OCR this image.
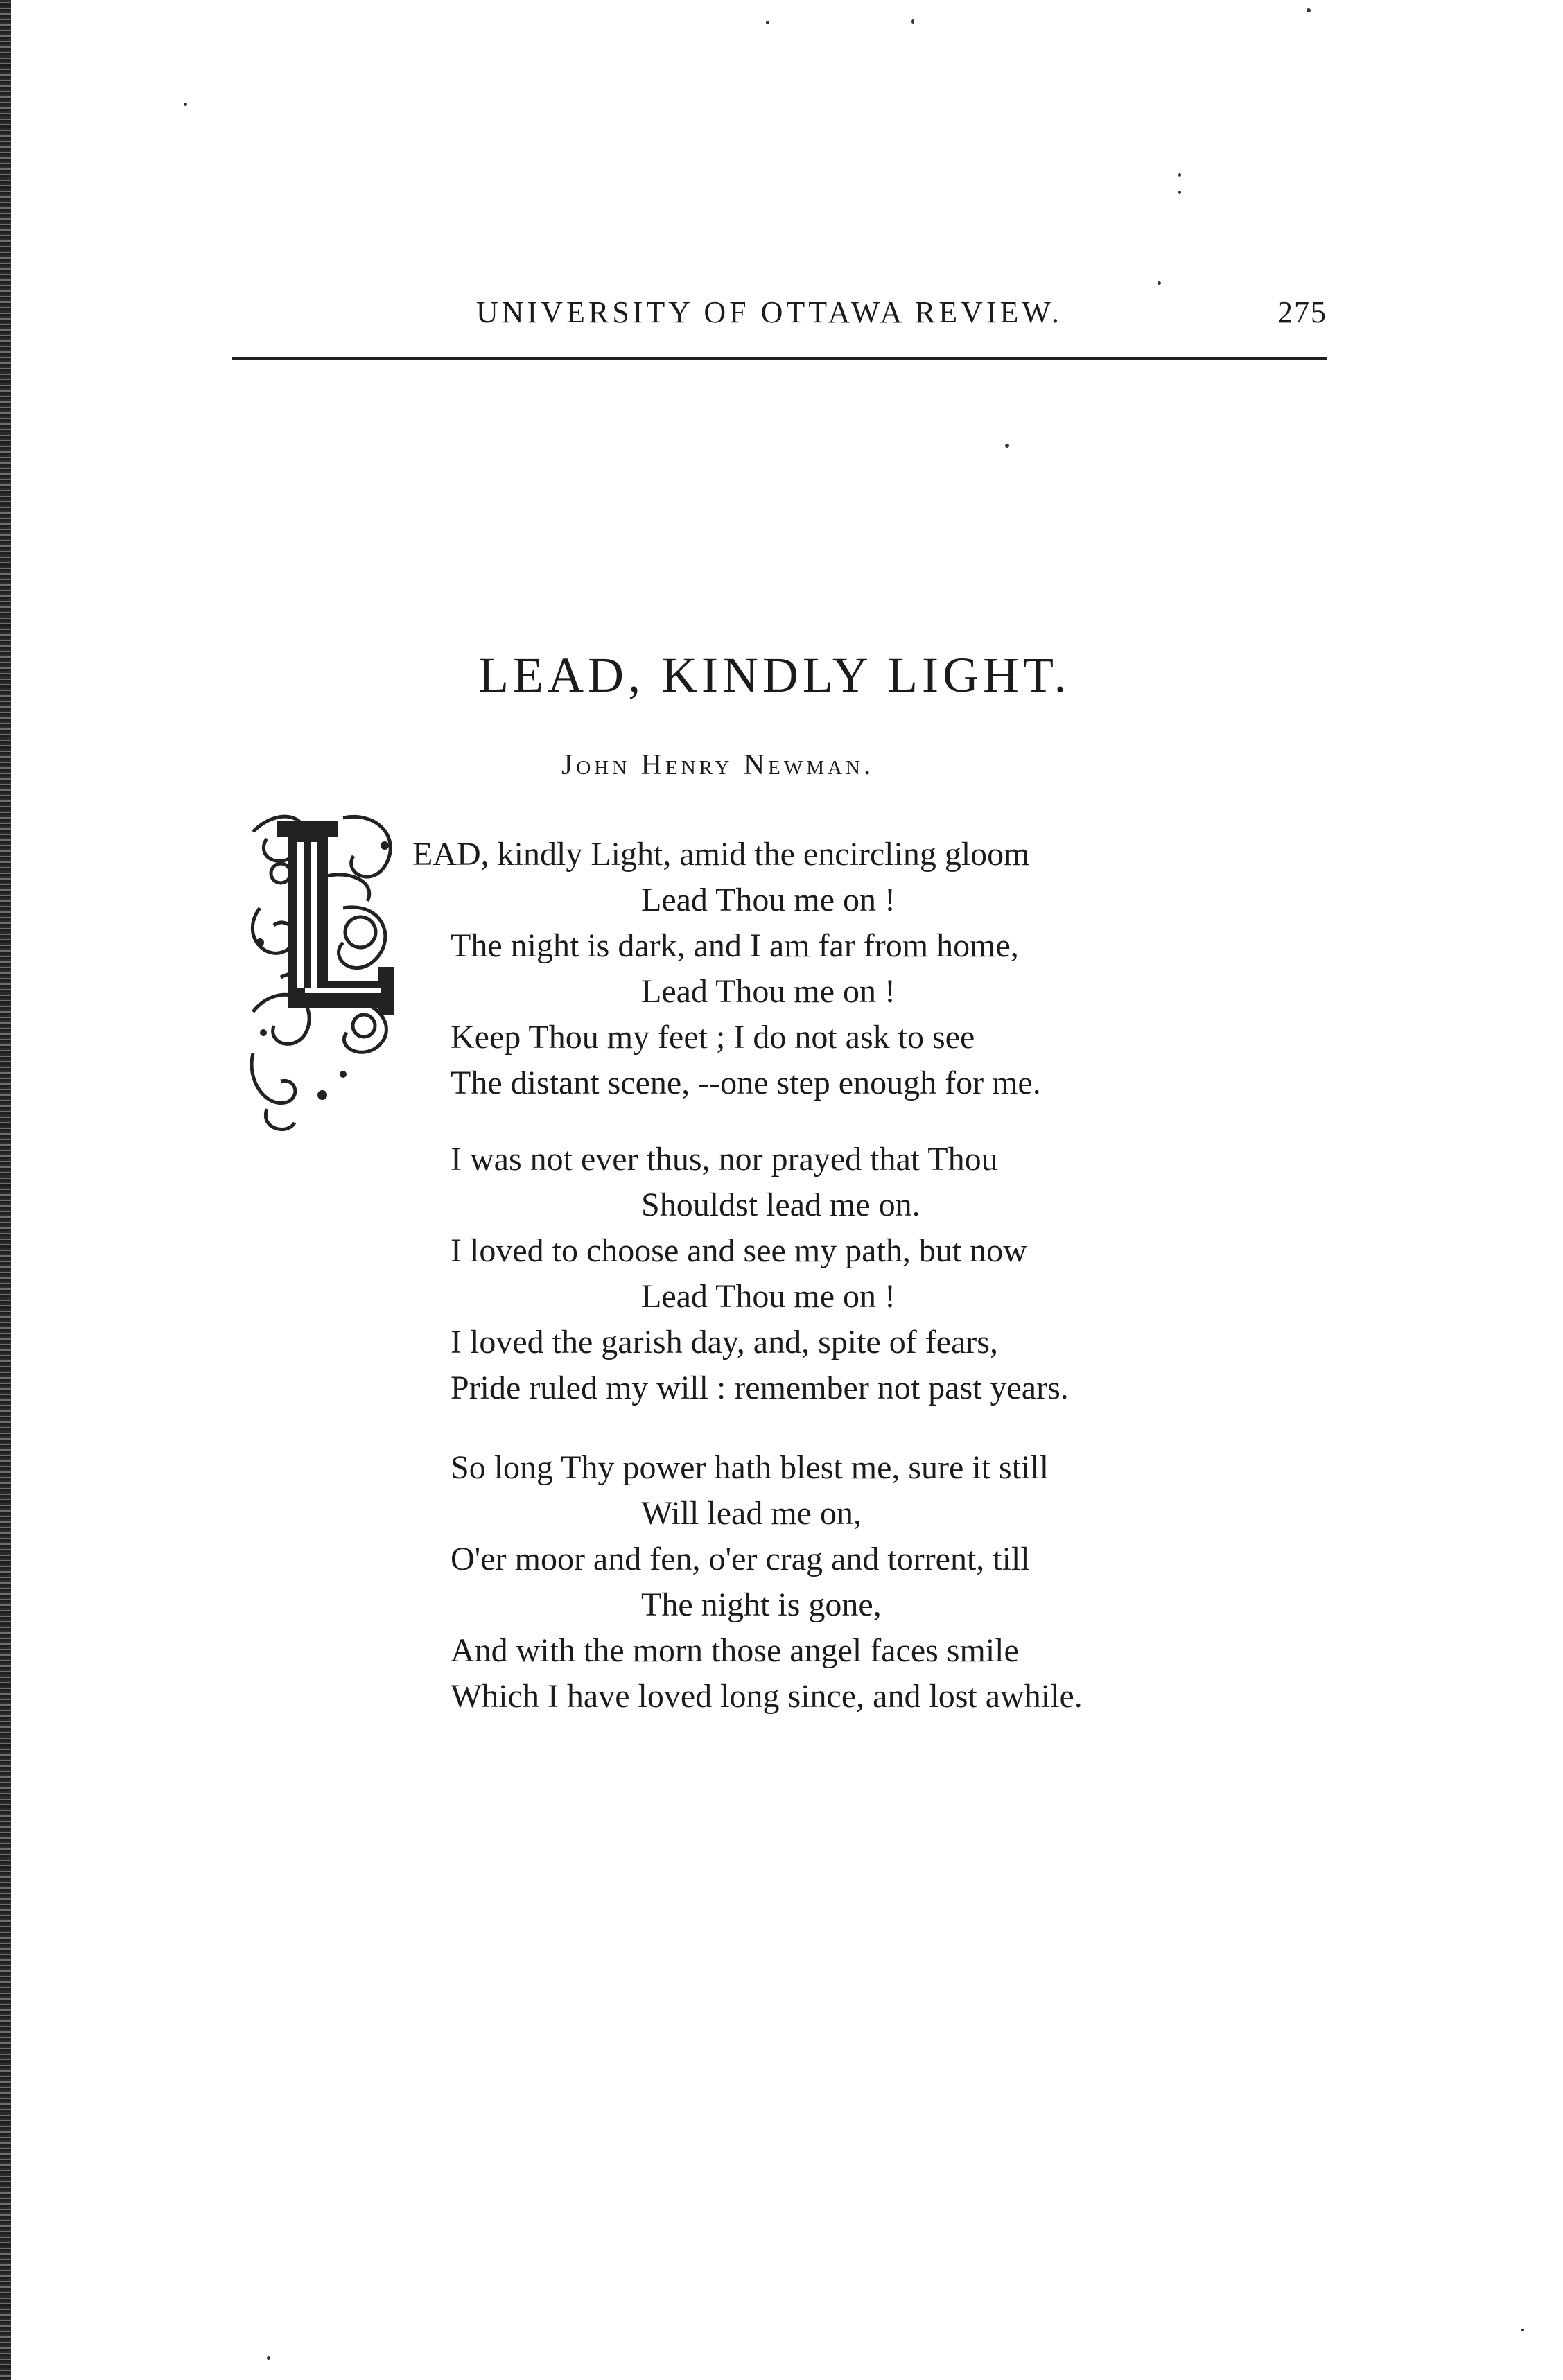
UNIVERSITY OF OTTAWA REVIEW.	275
LEAD, KINDLY LIGHT.
John Henry Newman.
EAD, kindly Light, amid the encircling gloom
Lead Thou me on !
The night is dark, and I am far from home,
Lead Thou me on !
Keep Thou my feet ; I do not ask to see
The distant scene, --one step enough for me.
I was not ever thus, nor prayed that Thou
Shouldst lead me on.
I loved to choose and see my path, but now
Lead Thou me on !
I loved the garish day, and, spite of fears,
Pride ruled my will : remember not past years.
So long Thy power hath blest me, sure it still
Will lead me on,
O'er moor and fen, o'er crag and torrent, till
The night is gone,
And with the morn those angel faces smile
Which I have loved long since, and lost awhile.
